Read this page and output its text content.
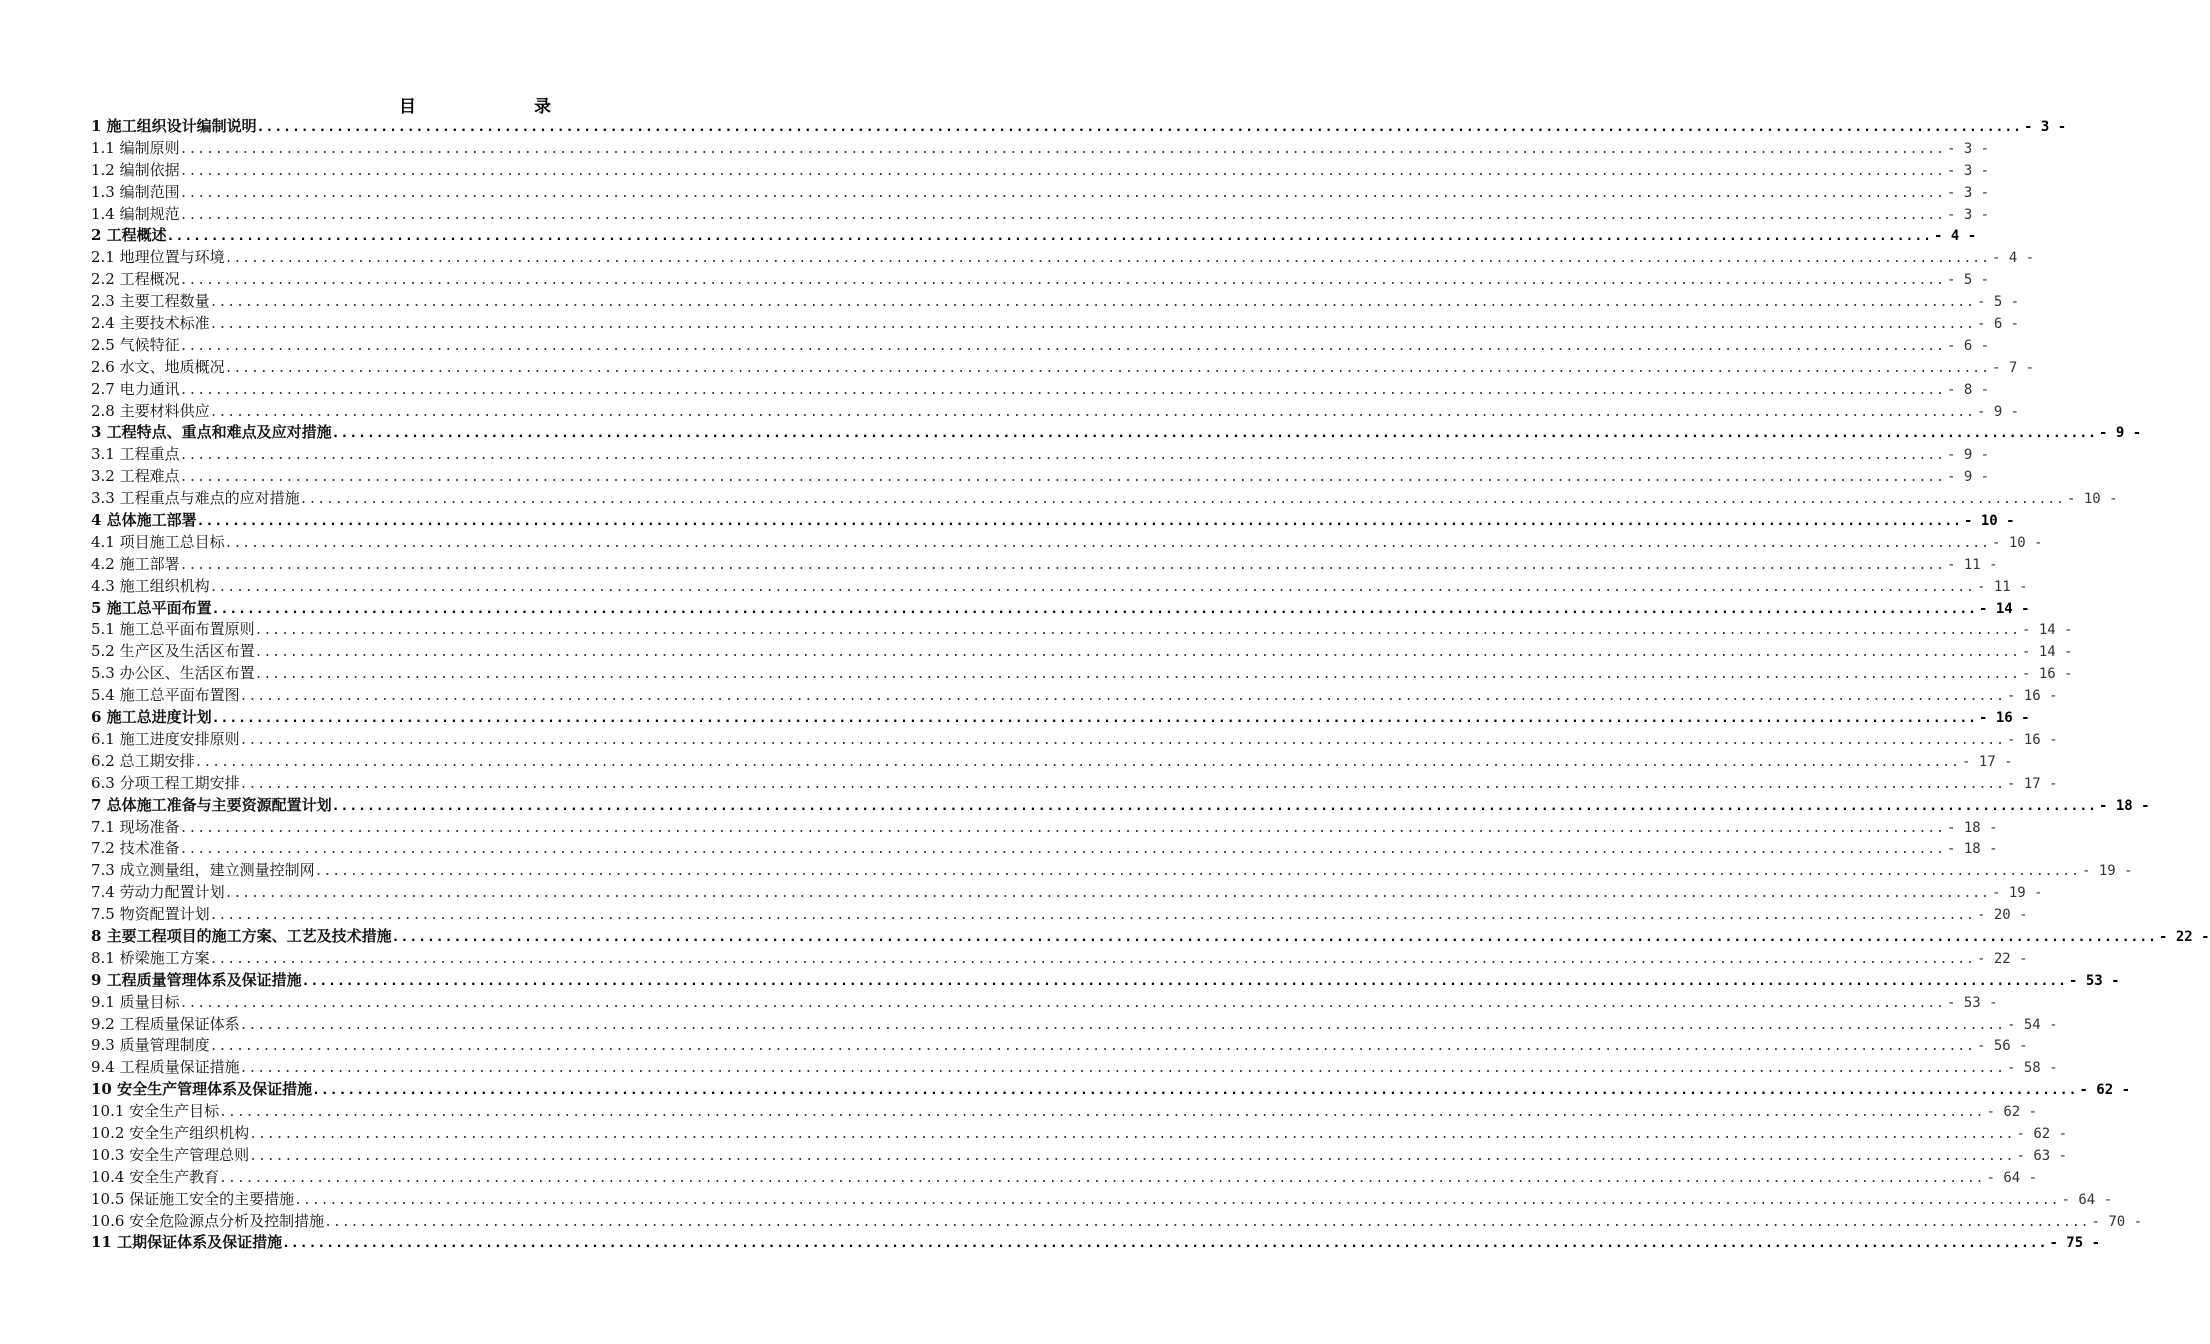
目	录
1 施工组织设计编制说明 ........................................................................................................................................................................................................ - 3 -
1.1 编制原则 ........................................................................................................................................................................................................ - 3 -
1.2 编制依据 ........................................................................................................................................................................................................ - 3 -
1.3 编制范围 ........................................................................................................................................................................................................ - 3 -
1.4 编制规范 ........................................................................................................................................................................................................ - 3 -
2 工程概述 ........................................................................................................................................................................................................ - 4 -
2.1 地理位置与环境 ........................................................................................................................................................................................................ - 4 -
2.2 工程概况 ........................................................................................................................................................................................................ - 5 -
2.3 主要工程数量 ........................................................................................................................................................................................................ - 5 -
2.4 主要技术标准 ........................................................................................................................................................................................................ - 6 -
2.5 气候特征 ........................................................................................................................................................................................................ - 6 -
2.6 水文、地质概况 ........................................................................................................................................................................................................ - 7 -
2.7 电力通讯 ........................................................................................................................................................................................................ - 8 -
2.8 主要材料供应 ........................................................................................................................................................................................................ - 9 -
3 工程特点、重点和难点及应对措施 ........................................................................................................................................................................................................ - 9 -
3.1 工程重点 ........................................................................................................................................................................................................ - 9 -
3.2 工程难点 ........................................................................................................................................................................................................ - 9 -
3.3 工程重点与难点的应对措施 ........................................................................................................................................................................................................ - 10 -
4 总体施工部署 ........................................................................................................................................................................................................ - 10 -
4.1 项目施工总目标 ........................................................................................................................................................................................................ - 10 -
4.2 施工部署 ........................................................................................................................................................................................................ - 11 -
4.3 施工组织机构 ........................................................................................................................................................................................................ - 11 -
5 施工总平面布置 ........................................................................................................................................................................................................ - 14 -
5.1 施工总平面布置原则 ........................................................................................................................................................................................................ - 14 -
5.2 生产区及生活区布置 ........................................................................................................................................................................................................ - 14 -
5.3 办公区、生活区布置 ........................................................................................................................................................................................................ - 16 -
5.4 施工总平面布置图 ........................................................................................................................................................................................................ - 16 -
6 施工总进度计划 ........................................................................................................................................................................................................ - 16 -
6.1 施工进度安排原则 ........................................................................................................................................................................................................ - 16 -
6.2 总工期安排 ........................................................................................................................................................................................................ - 17 -
6.3 分项工程工期安排 ........................................................................................................................................................................................................ - 17 -
7 总体施工准备与主要资源配置计划 ........................................................................................................................................................................................................ - 18 -
7.1 现场准备 ........................................................................................................................................................................................................ - 18 -
7.2 技术准备 ........................................................................................................................................................................................................ - 18 -
7.3 成立测量组，建立测量控制网 ........................................................................................................................................................................................................ - 19 -
7.4 劳动力配置计划 ........................................................................................................................................................................................................ - 19 -
7.5 物资配置计划 ........................................................................................................................................................................................................ - 20 -
8 主要工程项目的施工方案、工艺及技术措施 ........................................................................................................................................................................................................ - 22 -
8.1 桥梁施工方案 ........................................................................................................................................................................................................ - 22 -
9 工程质量管理体系及保证措施 ........................................................................................................................................................................................................ - 53 -
9.1 质量目标 ........................................................................................................................................................................................................ - 53 -
9.2 工程质量保证体系 ........................................................................................................................................................................................................ - 54 -
9.3 质量管理制度 ........................................................................................................................................................................................................ - 56 -
9.4 工程质量保证措施 ........................................................................................................................................................................................................ - 58 -
10 安全生产管理体系及保证措施 ........................................................................................................................................................................................................ - 62 -
10.1 安全生产目标 ........................................................................................................................................................................................................ - 62 -
10.2 安全生产组织机构 ........................................................................................................................................................................................................ - 62 -
10.3 安全生产管理总则 ........................................................................................................................................................................................................ - 63 -
10.4 安全生产教育 ........................................................................................................................................................................................................ - 64 -
10.5 保证施工安全的主要措施 ........................................................................................................................................................................................................ - 64 -
10.6 安全危险源点分析及控制措施 ........................................................................................................................................................................................................ - 70 -
11 工期保证体系及保证措施 ........................................................................................................................................................................................................ - 75 -
